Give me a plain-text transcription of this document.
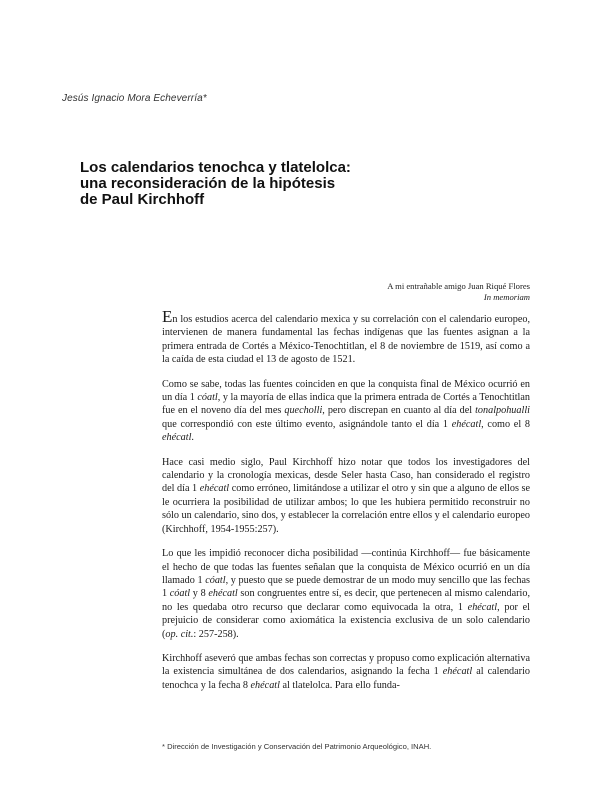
Jesús Ignacio Mora Echeverría*
Los calendarios tenochca y tlatelolca:
una reconsideración de la hipótesis
de Paul Kirchhoff
A mi entrañable amigo Juan Riqué Flores
In memoriam

En los estudios acerca del calendario mexica y su correlación con el calendario europeo, intervienen de manera fundamental las fechas indígenas que las fuentes asignan a la primera entrada de Cortés a México-Tenochtitlan, el 8 de noviembre de 1519, así como a la caída de esta ciudad el 13 de agosto de 1521.

Como se sabe, todas las fuentes coinciden en que la conquista final de México ocurrió en un día 1 cóatl, y la mayoría de ellas indica que la primera entrada de Cortés a Tenochtitlan fue en el noveno día del mes quecholli, pero discrepan en cuanto al día del tonalpohualli que correspondió con este último evento, asignándole tanto el día 1 ehécatl, como el 8 ehécatl.

Hace casi medio siglo, Paul Kirchhoff hizo notar que todos los investigadores del calendario y la cronología mexicas, desde Seler hasta Caso, han considerado el registro del día 1 ehécatl como erróneo, limitándose a utilizar el otro y sin que a alguno de ellos se le ocurriera la posibilidad de utilizar ambos; lo que les hubiera permitido reconstruir no sólo un calendario, sino dos, y establecer la correlación entre ellos y el calendario europeo (Kirchhoff, 1954-1955:257).

Lo que les impidió reconocer dicha posibilidad —continúa Kirchhoff— fue básicamente el hecho de que todas las fuentes señalan que la conquista de México ocurrió en un día llamado 1 cóatl, y puesto que se puede demostrar de un modo muy sencillo que las fechas 1 cóatl y 8 ehécatl son congruentes entre sí, es decir, que pertenecen al mismo calendario, no les quedaba otro recurso que declarar como equivocada la otra, 1 ehécatl, por el prejuicio de considerar como axiomática la existencia exclusiva de un solo calendario (op. cit.: 257-258).

Kirchhoff aseveró que ambas fechas son correctas y propuso como explicación alternativa la existencia simultánea de dos calendarios, asignando la fecha 1 ehécatl al calendario tenochca y la fecha 8 ehécatl al tlatelolca. Para ello funda-

* Dirección de Investigación y Conservación del Patrimonio Arqueológico, INAH.
